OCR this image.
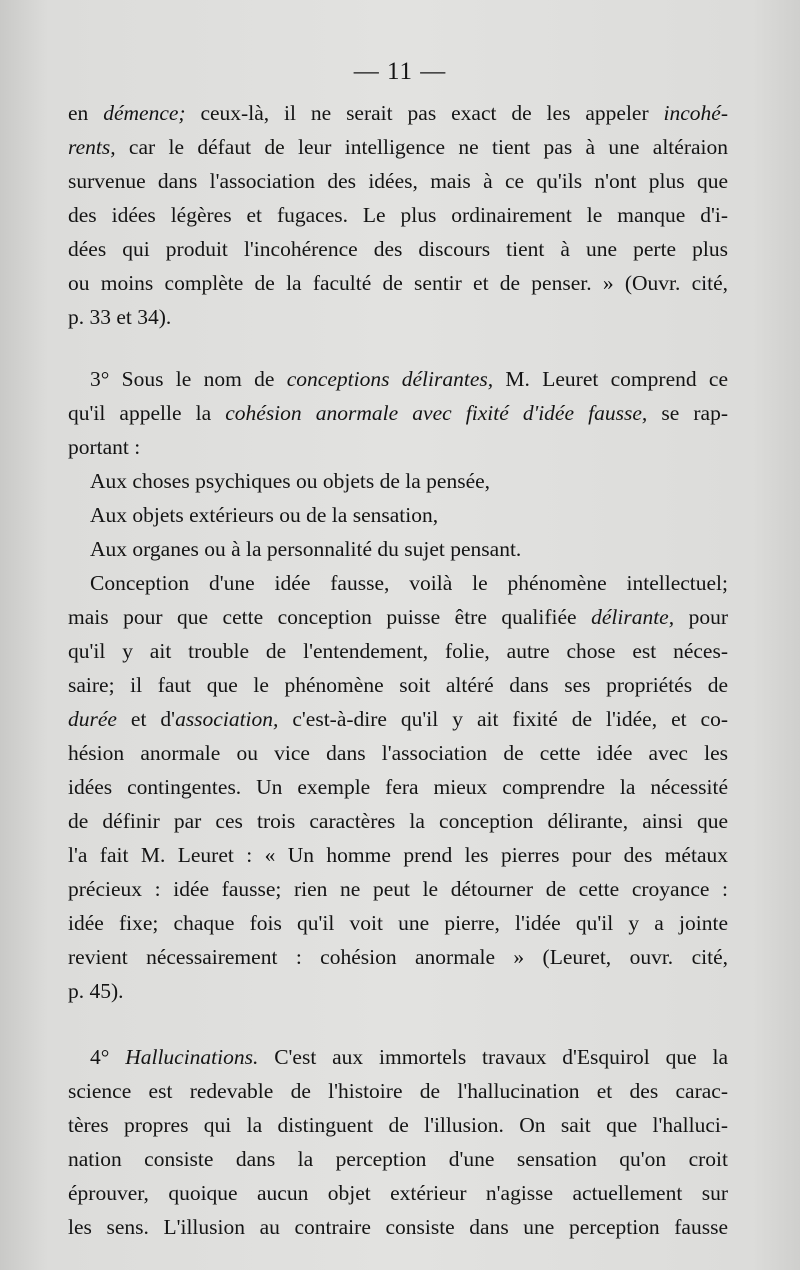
— 11 —
en démence; ceux-là, il ne serait pas exact de les appeler incohé-
rents, car le défaut de leur intelligence ne tient pas à une altéraion
survenue dans l'association des idées, mais à ce qu'ils n'ont plus que
des idées légères et fugaces. Le plus ordinairement le manque d'i-
dées qui produit l'incohérence des discours tient à une perte plus
ou moins complète de la faculté de sentir et de penser. » (Ouvr. cité,
p. 33 et 34).
3° Sous le nom de conceptions délirantes, M. Leuret comprend ce
qu'il appelle la cohésion anormale avec fixité d'idée fausse, se rap-
portant :
Aux choses psychiques ou objets de la pensée,
Aux objets extérieurs ou de la sensation,
Aux organes ou à la personnalité du sujet pensant.
Conception d'une idée fausse, voilà le phénomène intellectuel;
mais pour que cette conception puisse être qualifiée délirante, pour
qu'il y ait trouble de l'entendement, folie, autre chose est néces-
saire; il faut que le phénomène soit altéré dans ses propriétés de
durée et d'association, c'est-à-dire qu'il y ait fixité de l'idée, et co-
hésion anormale ou vice dans l'association de cette idée avec les
idées contingentes. Un exemple fera mieux comprendre la nécessité
de définir par ces trois caractères la conception délirante, ainsi que
l'a fait M. Leuret : « Un homme prend les pierres pour des métaux
précieux : idée fausse; rien ne peut le détourner de cette croyance :
idée fixe; chaque fois qu'il voit une pierre, l'idée qu'il y a jointe
revient nécessairement : cohésion anormale » (Leuret, ouvr. cité,
p. 45).
4° Hallucinations. C'est aux immortels travaux d'Esquirol que la
science est redevable de l'histoire de l'hallucination et des carac-
tères propres qui la distinguent de l'illusion. On sait que l'halluci-
nation consiste dans la perception d'une sensation qu'on croit
éprouver, quoique aucun objet extérieur n'agisse actuellement sur
les sens. L'illusion au contraire consiste dans une perception fausse
